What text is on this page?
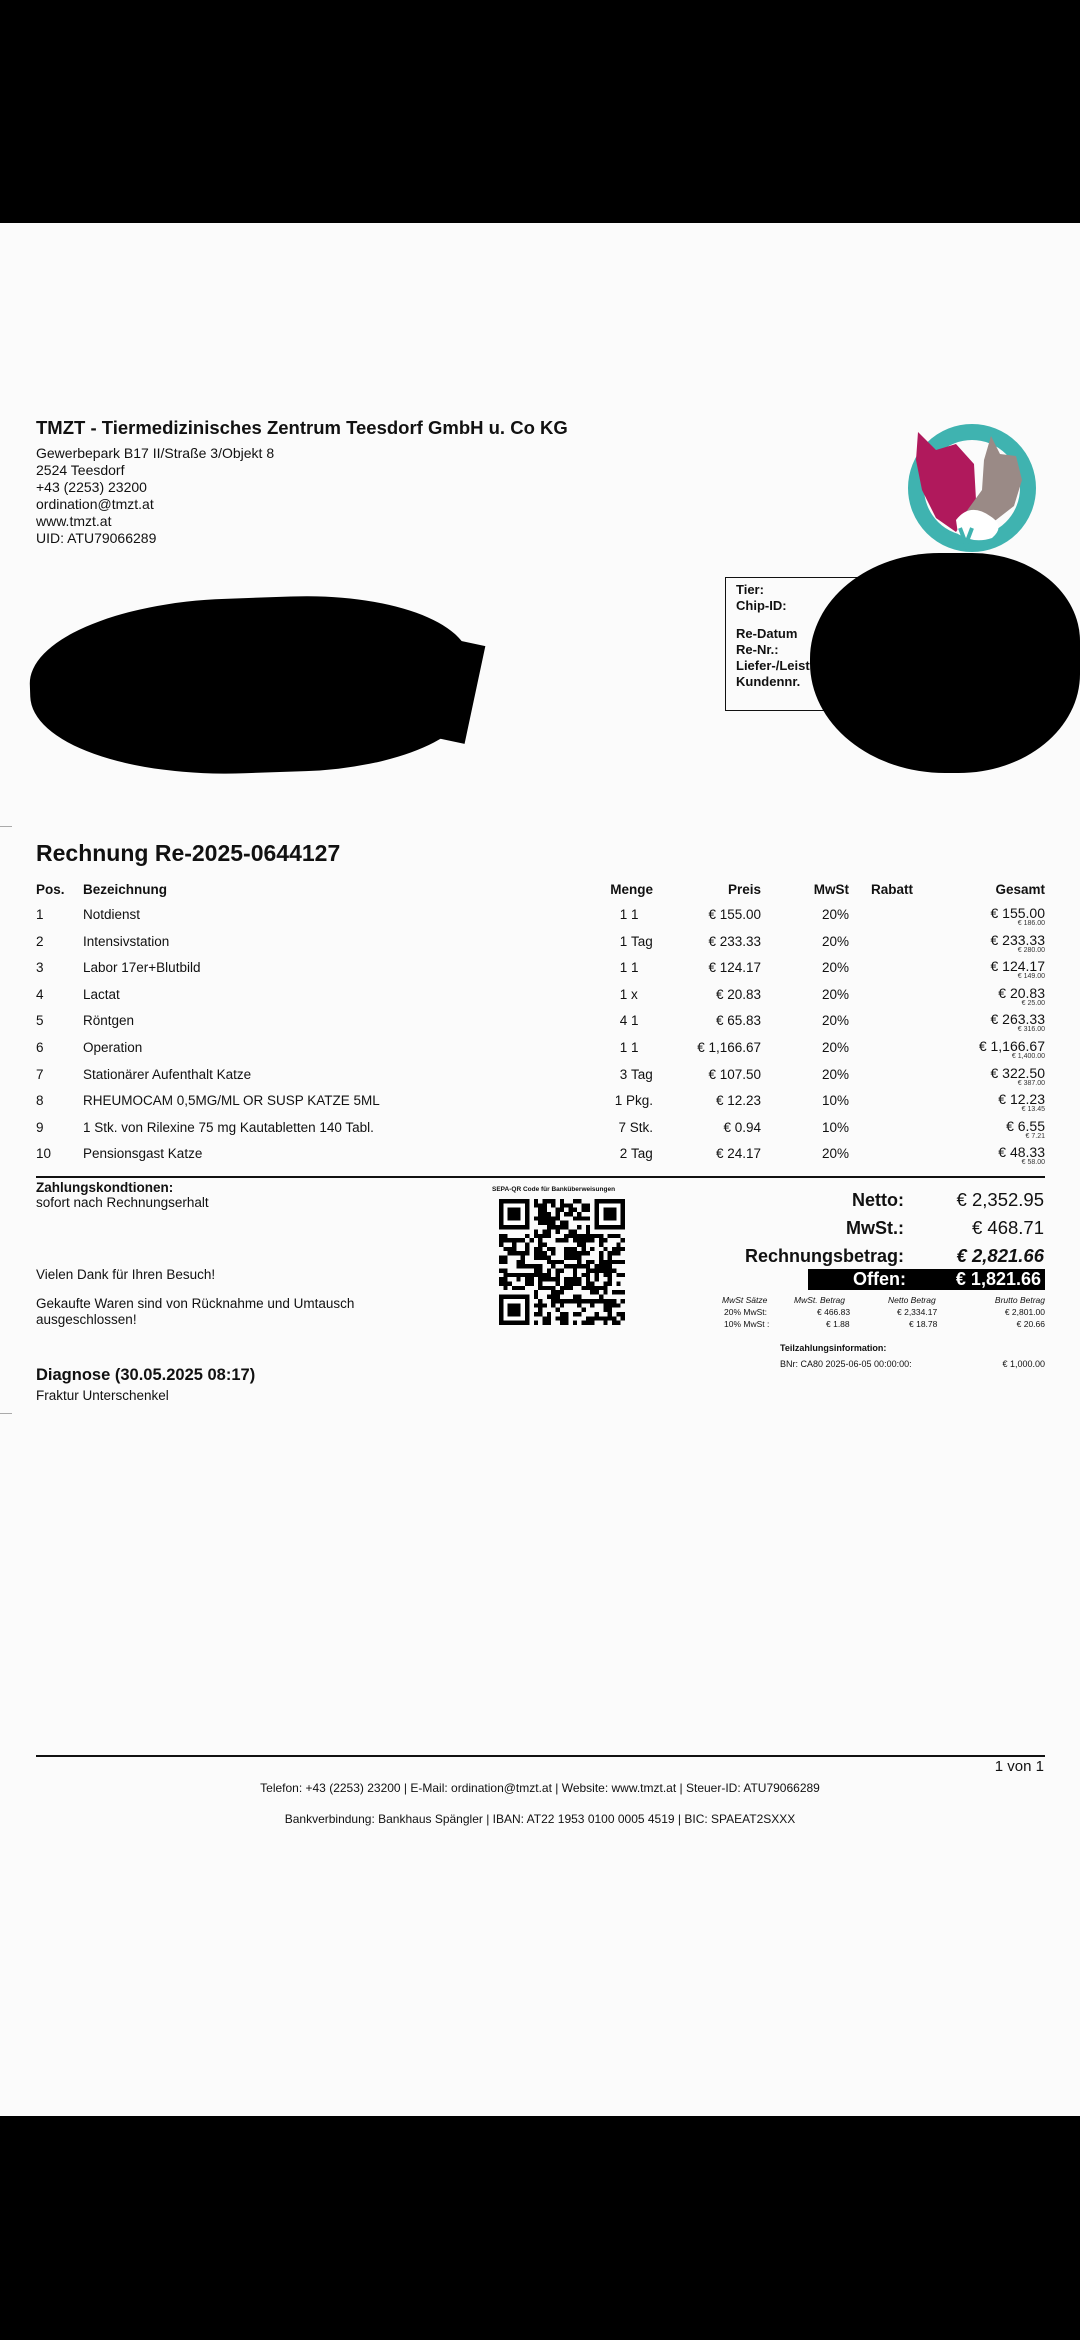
TMZT - Tiermedizinisches Zentrum Teesdorf GmbH u. Co KG
Gewerbepark B17 II/Straße 3/Objekt 8
2524 Teesdorf
+43 (2253) 23200
ordination@tmzt.at
www.tmzt.at
UID: ATU79066289
Tier:
Chip-ID:
Re-Datum
Re-Nr.:
Liefer-/Leist
Kundennr.
Rechnung Re-2025-0644127
Pos.	Bezeichnung	Menge	Preis	MwSt	Rabatt	Gesamt
1	Notdienst	1 1	€ 155.00	20%		€ 155.00
€ 186.00

2	Intensivstation	1 Tag	€ 233.33	20%		€ 233.33
€ 280.00

3	Labor 17er+Blutbild	1 1	€ 124.17	20%		€ 124.17
€ 149.00

4	Lactat	1 x	€ 20.83	20%		€ 20.83
€ 25.00

5	Röntgen	4 1	€ 65.83	20%		€ 263.33
€ 316.00

6	Operation	1 1	€ 1,166.67	20%		€ 1,166.67
€ 1,400.00

7	Stationärer Aufenthalt Katze	3 Tag	€ 107.50	20%		€ 322.50
€ 387.00

8	RHEUMOCAM 0,5MG/ML OR SUSP KATZE 5ML	1 Pkg.	€ 12.23	10%		€ 12.23
€ 13.45

9	1 Stk. von Rilexine 75 mg Kautabletten 140 Tabl.	7 Stk.	€ 0.94	10%		€ 6.55
€ 7.21

10	Pensionsgast Katze	2 Tag	€ 24.17	20%		€ 48.33
€ 58.00
Zahlungskondtionen:
sofort nach Rechnungserhalt
Vielen Dank für Ihren Besuch!
Gekaufte Waren sind von Rücknahme und Umtausch ausgeschlossen!
SEPA-QR Code für Banküberweisungen
Netto:	€ 2,352.95
MwSt.:	€ 468.71
Rechnungsbetrag:	€ 2,821.66
Offen:	€ 1,821.66
MwSt Sätze	MwSt. Betrag	Netto Betrag	Brutto Betrag
20% MwSt:	€ 466.83	€ 2,334.17	€ 2,801.00
10% MwSt :	€ 1.88	€ 18.78	€ 20.66
Teilzahlungsinformation:
BNr: CA80 2025-06-05 00:00:00:	€ 1,000.00
Diagnose (30.05.2025 08:17)
Fraktur Unterschenkel
1 von 1
Telefon: +43 (2253) 23200 | E-Mail: ordination@tmzt.at | Website: www.tmzt.at | Steuer-ID: ATU79066289
Bankverbindung: Bankhaus Spängler | IBAN: AT22 1953 0100 0005 4519 | BIC: SPAEAT2SXXX
